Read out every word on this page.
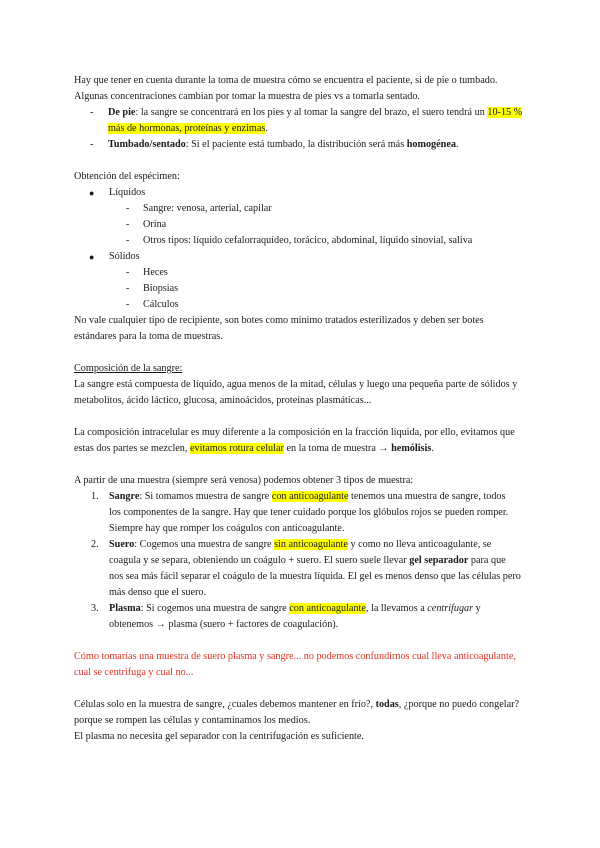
Hay que tener en cuenta durante la toma de muestra cómo se encuentra el paciente, si de pie o tumbado.

Algunas concentraciones cambian por tomar la muestra de pies vs a tomarla sentado.

- De pie: la sangre se concentrará en los pies y al tomar la sangre del brazo, el suero tendrá un 10-15 %
más de hormonas, proteínas y enzimas.
- Tumbado/sentado: Si el paciente está tumbado, la distribución será más homogénea.

Obtención del espécimen:

● Líquidos
- Sangre: venosa, arterial, capilar
- Orina
- Otros tipos: líquido cefalorraquídeo, torácico, abdominal, líquido sinovial, saliva
● Sólidos
- Heces
- Biopsias
- Cálculos

No vale cualquier tipo de recipiente, son botes como mínimo tratados esterilizados y deben ser botes

estándares para la toma de muestras.

Composición de la sangre:

La sangre está compuesta de líquido, agua menos de la mitad, células y luego una pequeña parte de sólidos y

metabolitos, ácido láctico, glucosa, aminoácidos, proteínas plasmáticas...

La composición intracelular es muy diferente a la composición en la fracción líquida, por ello, evitamos que

estas dos partes se mezclen, evitamos rotura celular en la toma de muestra → hemólisis.

A partir de una muestra (siempre será venosa) podemos obtener 3 tipos de muestra:

1. Sangre: Si tomamos muestra de sangre con anticoagulante tenemos una muestra de sangre, todos
los componentes de la sangre. Hay que tener cuidado porque los glóbulos rojos se pueden romper.
Siempre hay que romper los coágulos con anticoagulante.
2. Suero: Cogemos una muestra de sangre sin anticoagulante y como no lleva anticoagulante, se
coagula y se separa, obteniendo un coágulo + suero. El suero suele llevar gel separador para que
nos sea más fácil separar el coágulo de la muestra líquida. El gel es menos denso que las células pero
más denso que el suero.
3. Plasma: Si cogemos una muestra de sangre con anticoagulante, la llevamos a centrifugar y
obtenemos → plasma (suero + factores de coagulación).

Cómo tomarías una muestra de suero plasma y sangre... no podemos confundirnos cual lleva anticoagulante,

cual se centrifuga y cual no...

Células solo en la muestra de sangre, ¿cuales debemos mantener en frío?, todas, ¿porque no puedo congelar?

porque se rompen las células y contaminamos los medios.

El plasma no necesita gel separador con la centrifugación es suficiente.
